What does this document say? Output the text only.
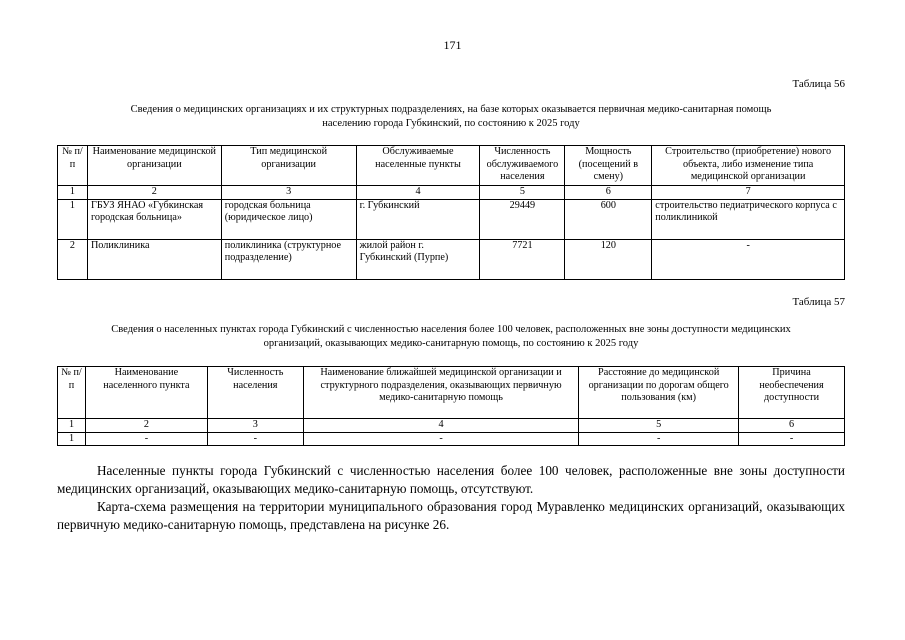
171
Таблица 56
Сведения о медицинских организациях и их структурных подразделениях, на базе которых оказывается первичная медико-санитарная помощь
населению города Губкинский, по состоянию к 2025 году
№ п/п	Наименование медицинской организации	Тип медицинской организации	Обслуживаемые населенные пункты	Численность обслуживаемого населения	Мощность (посещений в смену)	Строительство (приобретение) нового объекта, либо изменение типа медицинской организации
1	2	3	4	5	6	7
1	ГБУЗ ЯНАО «Губкинская городская больница»	городская больница (юридическое лицо)	г. Губкинский	29449	600	строительство педиатрического корпуса с поликлиникой
2	Поликлиника	поликлиника (структурное подразделение)	жилой район г. Губкинский (Пурпе)	7721	120	-
Таблица 57
Сведения о населенных пунктах города Губкинский с численностью населения более 100 человек, расположенных вне зоны доступности медицинских
организаций, оказывающих медико-санитарную помощь, по состоянию к 2025 году
№ п/п	Наименование населенного пункта	Численность населения	Наименование ближайшей медицинской организации и структурного подразделения, оказывающих первичную медико-санитарную помощь	Расстояние до медицинской организации по дорогам общего пользования (км)	Причина необеспечения доступности
1	2	3	4	5	6
1	-	-	-	-	-

Населенные пункты города Губкинский с численностью населения более 100 человек, расположенные вне зоны доступности медицинских организаций, оказывающих медико-санитарную помощь, отсутствуют.

Карта-схема размещения на территории муниципального образования город Муравленко медицинских организаций, оказывающих первичную медико-санитарную помощь, представлена на рисунке 26.
